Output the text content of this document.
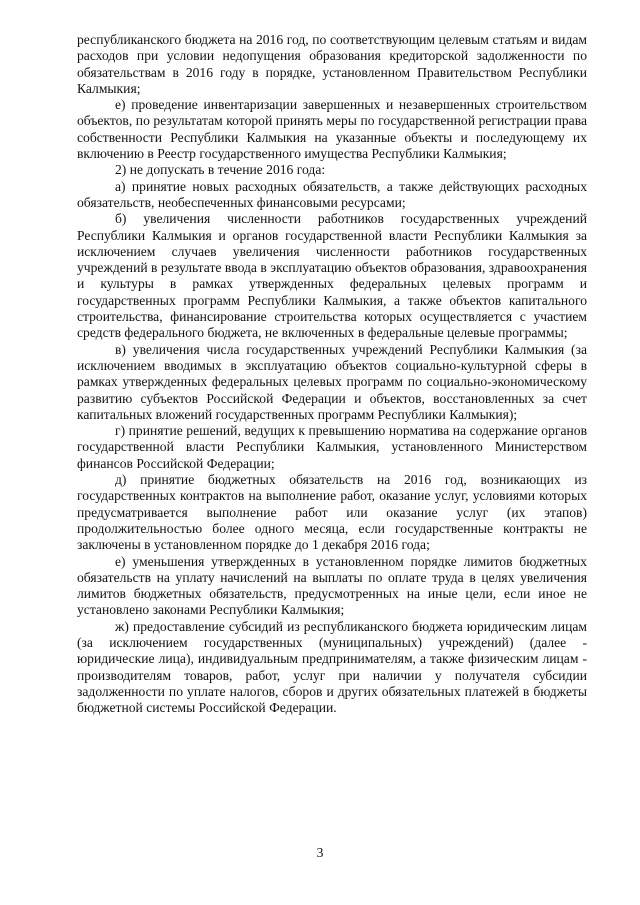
республиканского бюджета на 2016 год, по соответствующим целевым статьям и видам расходов при условии недопущения образования кредиторской задолженности по обязательствам в 2016 году в порядке, установленном Правительством Республики Калмыкия;

е) проведение инвентаризации завершенных и незавершенных строительством объектов, по результатам которой принять меры по государственной регистрации права собственности Республики Калмыкия на указанные объекты и последующему их включению в Реестр государственного имущества Республики Калмыкия;

2) не допускать в течение 2016 года:

а) принятие новых расходных обязательств, а также действующих расходных обязательств, необеспеченных финансовыми ресурсами;

б) увеличения численности работников государственных учреждений Республики Калмыкия и органов государственной власти Республики Калмыкия за исключением случаев увеличения численности работников государственных учреждений в результате ввода в эксплуатацию объектов образования, здравоохранения и культуры в рамках утвержденных федеральных целевых программ и государственных программ Республики Калмыкия, а также объектов капитального строительства, финансирование строительства которых осуществляется с участием средств федерального бюджета, не включенных в федеральные целевые программы;

в) увеличения числа государственных учреждений Республики Калмыкия (за исключением вводимых в эксплуатацию объектов социально-культурной сферы в рамках утвержденных федеральных целевых программ по социально-экономическому развитию субъектов Российской Федерации и объектов, восстановленных за счет капитальных вложений государственных программ Республики Калмыкия);

г) принятие решений, ведущих к превышению норматива на содержание органов государственной власти Республики Калмыкия, установленного Министерством финансов Российской Федерации;

д) принятие бюджетных обязательств на 2016 год, возникающих из государственных контрактов на выполнение работ, оказание услуг, условиями которых предусматривается выполнение работ или оказание услуг (их этапов) продолжительностью более одного месяца, если государственные контракты не заключены в установленном порядке до 1 декабря 2016 года;

е) уменьшения утвержденных в установленном порядке лимитов бюджетных обязательств на уплату начислений на выплаты по оплате труда в целях увеличения лимитов бюджетных обязательств, предусмотренных на иные цели, если иное не установлено законами Республики Калмыкия;

ж) предоставление субсидий из республиканского бюджета юридическим лицам (за исключением государственных (муниципальных) учреждений) (далее - юридические лица), индивидуальным предпринимателям, а также физическим лицам - производителям товаров, работ, услуг при наличии у получателя субсидии задолженности по уплате налогов, сборов и других обязательных платежей в бюджеты бюджетной системы Российской Федерации.

3
